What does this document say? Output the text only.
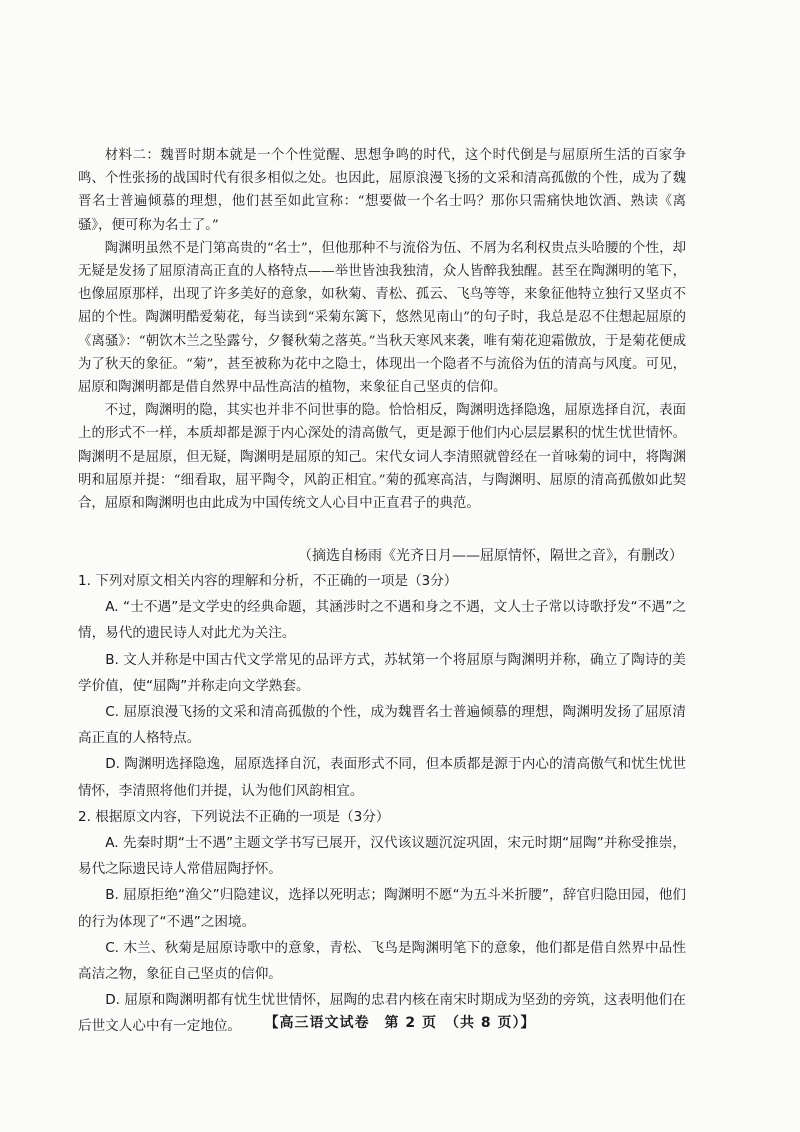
材料二：魏晋时期本就是一个个性觉醒、思想争鸣的时代，这个时代倒是与屈原所生活的百家争鸣、个性张扬的战国时代有很多相似之处。也因此，屈原浪漫飞扬的文采和清高孤傲的个性，成为了魏晋名士普遍倾慕的理想，他们甚至如此宣称：“想要做一个名士吗？那你只需痛快地饮酒、熟读《离骚》，便可称为名士了。”

陶渊明虽然不是门第高贵的“名士”，但他那种不与流俗为伍、不屑为名利权贵点头哈腰的个性，却无疑是发扬了屈原清高正直的人格特点——举世皆浊我独清，众人皆醉我独醒。甚至在陶渊明的笔下，也像屈原那样，出现了许多美好的意象，如秋菊、青松、孤云、飞鸟等等，来象征他特立独行又坚贞不屈的个性。陶渊明酷爱菊花，每当读到“采菊东篱下，悠然见南山”的句子时，我总是忍不住想起屈原的《离骚》：“朝饮木兰之坠露兮，夕餐秋菊之落英。”当秋天寒风来袭，唯有菊花迎霜傲放，于是菊花便成为了秋天的象征。“菊”，甚至被称为花中之隐士，体现出一个隐者不与流俗为伍的清高与风度。可见，屈原和陶渊明都是借自然界中品性高洁的植物，来象征自己坚贞的信仰。

不过，陶渊明的隐，其实也并非不问世事的隐。恰恰相反，陶渊明选择隐逸，屈原选择自沉，表面上的形式不一样，本质却都是源于内心深处的清高傲气，更是源于他们内心层层累积的忧生忧世情怀。陶渊明不是屈原，但无疑，陶渊明是屈原的知己。宋代女词人李清照就曾经在一首咏菊的词中，将陶渊明和屈原并提：“细看取，屈平陶令，风韵正相宜。”菊的孤寒高洁，与陶渊明、屈原的清高孤傲如此契合，屈原和陶渊明也由此成为中国传统文人心目中正直君子的典范。

（摘选自杨雨《光齐日月——屈原情怀，隔世之音》，有删改）

1. 下列对原文相关内容的理解和分析，不正确的一项是（3分）

A. “士不遇”是文学史的经典命题，其涵涉时之不遇和身之不遇，文人士子常以诗歌抒发“不遇”之情，易代的遗民诗人对此尤为关注。

B. 文人并称是中国古代文学常见的品评方式，苏轼第一个将屈原与陶渊明并称，确立了陶诗的美学价值，使“屈陶”并称走向文学熟套。

C. 屈原浪漫飞扬的文采和清高孤傲的个性，成为魏晋名士普遍倾慕的理想，陶渊明发扬了屈原清高正直的人格特点。

D. 陶渊明选择隐逸，屈原选择自沉，表面形式不同，但本质都是源于内心的清高傲气和忧生忧世情怀，李清照将他们并提，认为他们风韵相宜。

2. 根据原文内容，下列说法不正确的一项是（3分）

A. 先秦时期“士不遇”主题文学书写已展开，汉代该议题沉淀巩固，宋元时期“屈陶”并称受推崇，易代之际遗民诗人常借屈陶抒怀。

B. 屈原拒绝“渔父”归隐建议，选择以死明志；陶渊明不愿“为五斗米折腰”，辞官归隐田园，他们的行为体现了“不遇”之困境。

C. 木兰、秋菊是屈原诗歌中的意象，青松、飞鸟是陶渊明笔下的意象，他们都是借自然界中品性高洁之物，象征自己坚贞的信仰。

D. 屈原和陶渊明都有忧生忧世情怀，屈陶的忠君内核在南宋时期成为坚劲的旁筑，这表明他们在后世文人心中有一定地位。	【高三语文试卷　第 2 页　（共 8 页）】
